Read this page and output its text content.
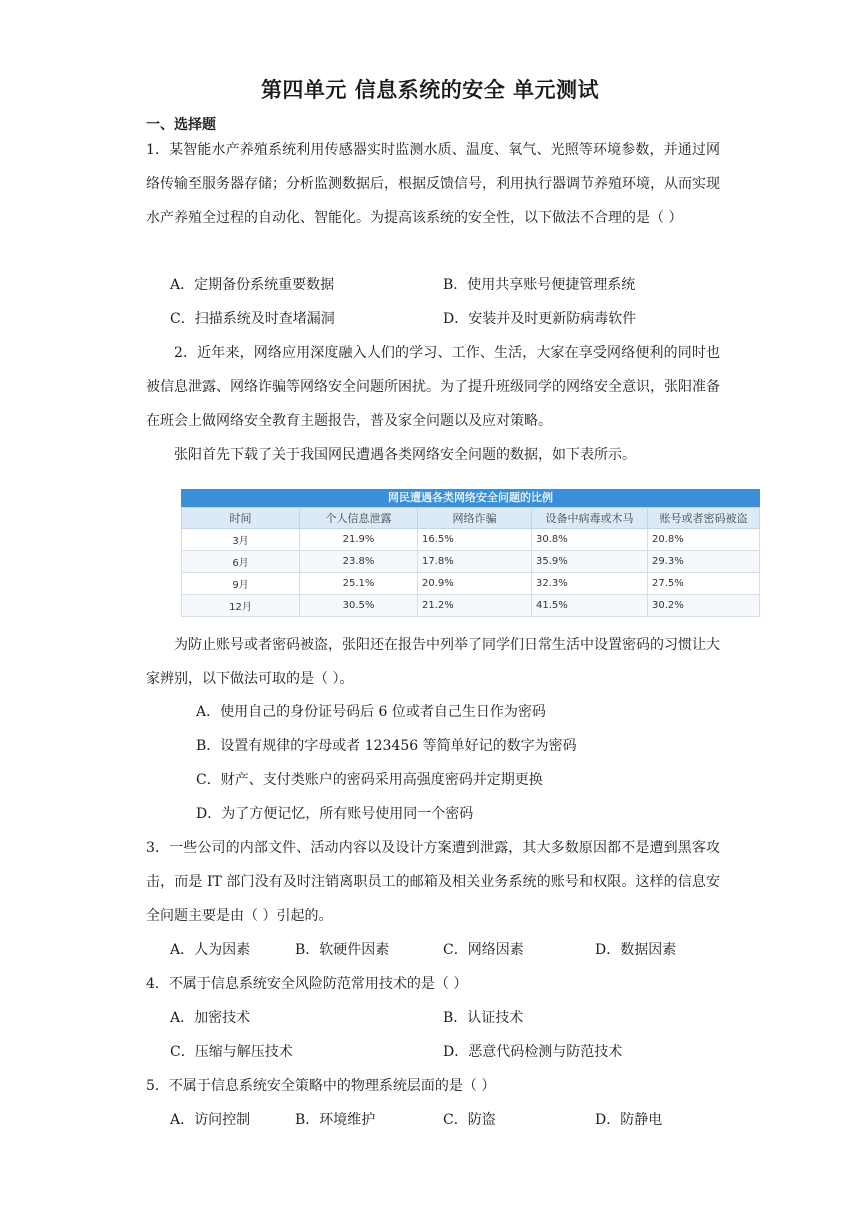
第四单元 信息系统的安全 单元测试
一、选择题
1．某智能水产养殖系统利用传感器实时监测水质、温度、氧气、光照等环境参数，并通过网络传输至服务器存储；分析监测数据后，根据反馈信号，利用执行器调节养殖环境，从而实现水产养殖全过程的自动化、智能化。为提高该系统的安全性，以下做法不合理的是（ ）
A．定期备份系统重要数据	B．使用共享账号便捷管理系统
C．扫描系统及时查堵漏洞	D．安装并及时更新防病毒软件
2．近年来，网络应用深度融入人们的学习、工作、生活，大家在享受网络便利的同时也被信息泄露、网络诈骗等网络安全问题所困扰。为了提升班级同学的网络安全意识，张阳准备在班会上做网络安全教育主题报告，普及家全问题以及应对策略。
张阳首先下载了关于我国网民遭遇各类网络安全问题的数据，如下表所示。
网民遭遇各类网络安全问题的比例
时间	个人信息泄露	网络诈骗	设备中病毒或木马	账号或者密码被盗
3月	21.9%	16.5%	30.8%	20.8%
6月	23.8%	17.8%	35.9%	29.3%
9月	25.1%	20.9%	32.3%	27.5%
12月	30.5%	21.2%	41.5%	30.2%
为防止账号或者密码被盗，张阳还在报告中列举了同学们日常生活中设置密码的习惯让大家辨别，以下做法可取的是（ ）。
A．使用自己的身份证号码后 6 位或者自己生日作为密码
B．设置有规律的字母或者 123456 等简单好记的数字为密码
C．财产、支付类账户的密码采用高强度密码并定期更换
D．为了方便记忆，所有账号使用同一个密码
3．一些公司的内部文件、活动内容以及设计方案遭到泄露，其大多数原因都不是遭到黑客攻击，而是 IT 部门没有及时注销离职员工的邮箱及相关业务系统的账号和权限。这样的信息安全问题主要是由（ ）引起的。
A．人为因素	B．软硬件因素	C．网络因素	D．数据因素
4．不属于信息系统安全风险防范常用技术的是（ ）
A．加密技术	B．认证技术
C．压缩与解压技术	D．恶意代码检测与防范技术
5．不属于信息系统安全策略中的物理系统层面的是（ ）
A．访问控制	B．环境维护	C．防盗	D．防静电
